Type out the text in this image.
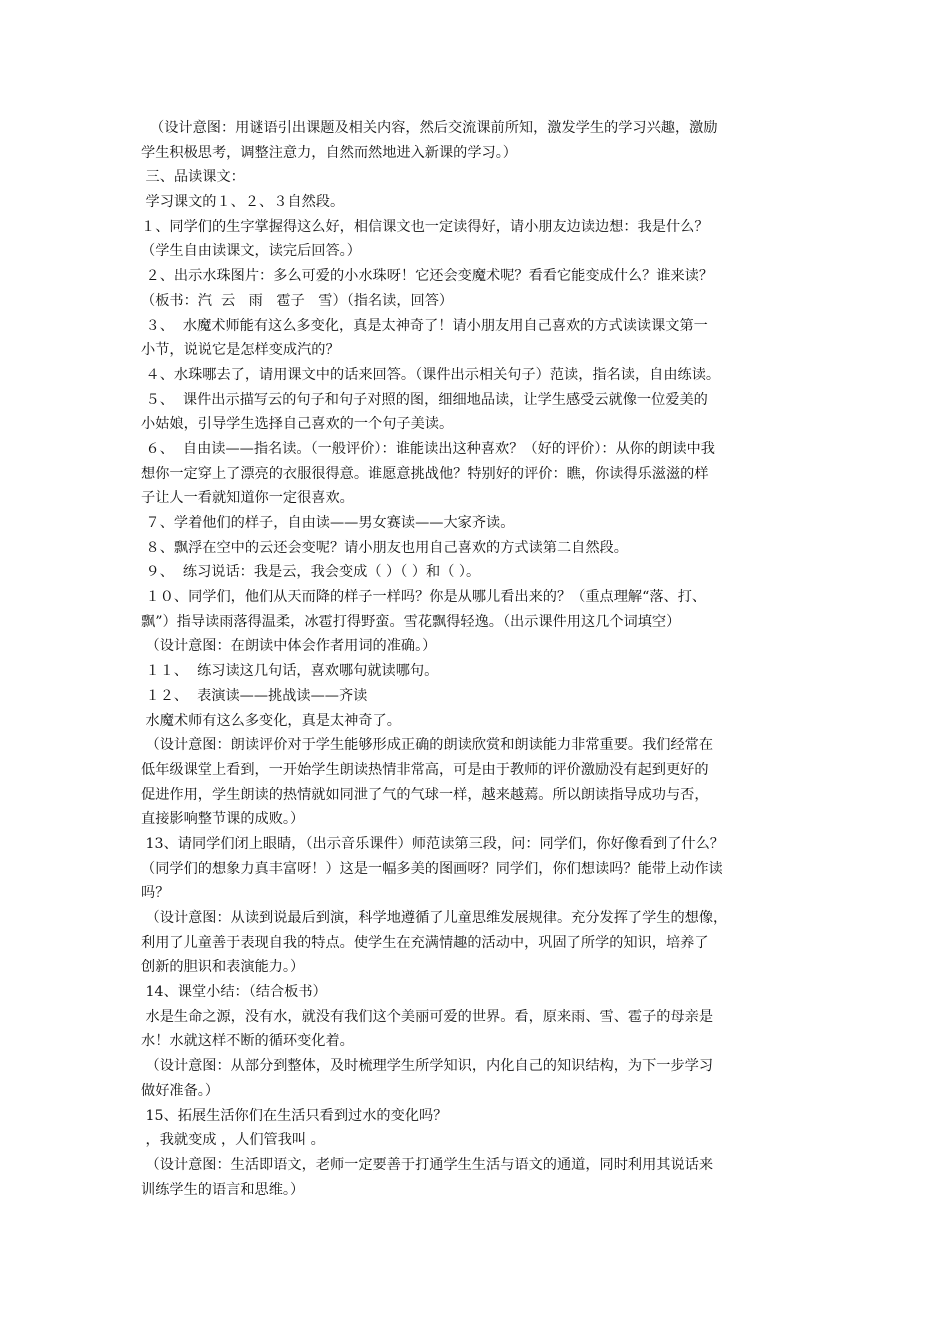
（设计意图：用谜语引出课题及相关内容，然后交流课前所知，激发学生的学习兴趣，激励
学生积极思考，调整注意力，自然而然地进入新课的学习。）
三、品读课文：
学习课文的１、２、３自然段。
１、同学们的生字掌握得这么好，相信课文也一定读得好，请小朋友边读边想：我是什么？
（学生自由读课文，读完后回答。）
２、出示水珠图片：多么可爱的小水珠呀！它还会变魔术呢？看看它能变成什么？谁来读？
（板书：汽  云   雨   雹子   雪）（指名读，回答）
３、  水魔术师能有这么多变化，真是太神奇了！请小朋友用自己喜欢的方式读读课文第一
小节，说说它是怎样变成汽的？
４、水珠哪去了，请用课文中的话来回答。（课件出示相关句子）范读，指名读，自由练读。
５、  课件出示描写云的句子和句子对照的图，细细地品读，让学生感受云就像一位爱美的
小姑娘，引导学生选择自己喜欢的一个句子美读。
６、  自由读——指名读。（一般评价）：谁能读出这种喜欢？（好的评价）：从你的朗读中我
想你一定穿上了漂亮的衣服很得意。谁愿意挑战他？特别好的评价：瞧，你读得乐滋滋的样
子让人一看就知道你一定很喜欢。
７、学着他们的样子，自由读——男女赛读——大家齐读。
８、飘浮在空中的云还会变呢？请小朋友也用自己喜欢的方式读第二自然段。
９、  练习说话：我是云，我会变成（ ）（ ）和（ ）。
１０、同学们，他们从天而降的样子一样吗？你是从哪儿看出来的？（重点理解“落、打、
飘”）指导读雨落得温柔，冰雹打得野蛮。雪花飘得轻逸。（出示课件用这几个词填空）
（设计意图：在朗读中体会作者用词的准确。）
１１、  练习读这几句话，喜欢哪句就读哪句。
１２、  表演读——挑战读——齐读
水魔术师有这么多变化，真是太神奇了。
（设计意图：朗读评价对于学生能够形成正确的朗读欣赏和朗读能力非常重要。我们经常在
低年级课堂上看到，一开始学生朗读热情非常高，可是由于教师的评价激励没有起到更好的
促进作用，学生朗读的热情就如同泄了气的气球一样，越来越蔫。所以朗读指导成功与否，
直接影响整节课的成败。）
13、请同学们闭上眼睛，（出示音乐课件）师范读第三段，问：同学们，你好像看到了什么？
（同学们的想象力真丰富呀！）这是一幅多美的图画呀？同学们，你们想读吗？能带上动作读
吗？
（设计意图：从读到说最后到演，科学地遵循了儿童思维发展规律。充分发挥了学生的想像，
利用了儿童善于表现自我的特点。使学生在充满情趣的活动中，巩固了所学的知识，培养了
创新的胆识和表演能力。）
14、课堂小结：（结合板书）
水是生命之源，没有水，就没有我们这个美丽可爱的世界。看，原来雨、雪、雹子的母亲是
水！水就这样不断的循环变化着。
（设计意图：从部分到整体，及时梳理学生所学知识，内化自己的知识结构，为下一步学习
做好准备。）
15、拓展生活你们在生活只看到过水的变化吗？
，我就变成 ，人们管我叫 。
（设计意图：生活即语文，老师一定要善于打通学生生活与语文的通道，同时利用其说话来
训练学生的语言和思维。）
